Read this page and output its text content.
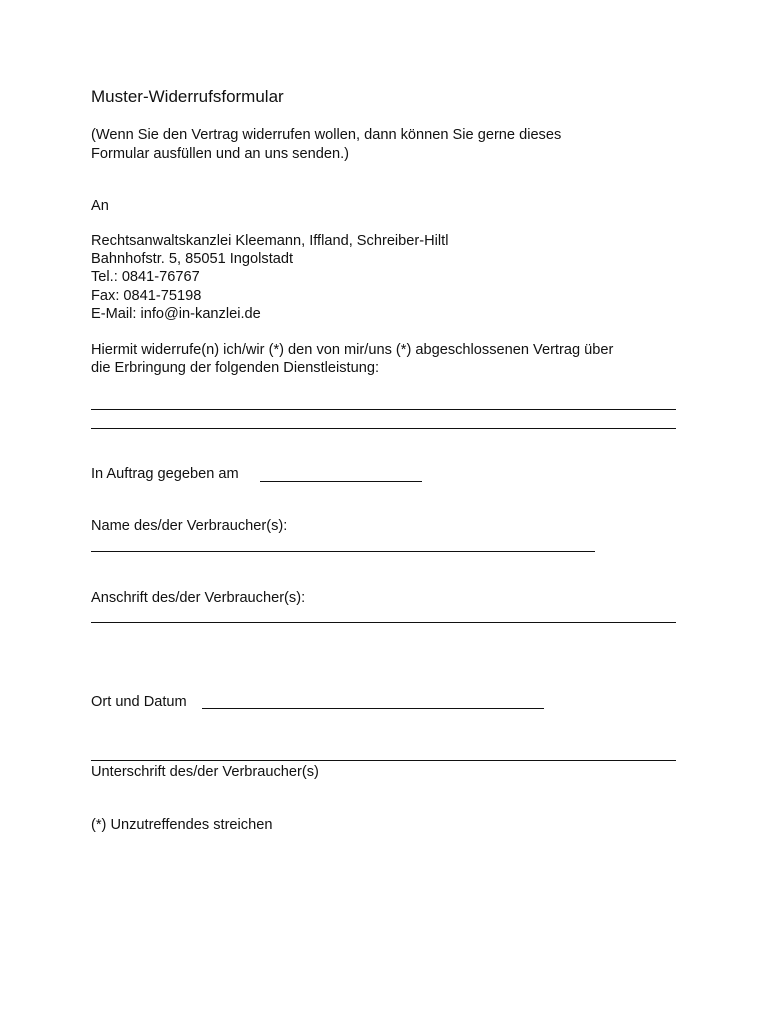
Muster-Widerrufsformular
(Wenn Sie den Vertrag widerrufen wollen, dann können Sie gerne dieses
Formular ausfüllen und an uns senden.)
An
Rechtsanwaltskanzlei Kleemann, Iffland, Schreiber-Hiltl
Bahnhofstr. 5, 85051 Ingolstadt
Tel.: 0841-76767
Fax: 0841-75198
E-Mail: info@in-kanzlei.de
Hiermit widerrufe(n) ich/wir (*) den von mir/uns (*) abgeschlossenen Vertrag über
die Erbringung der folgenden Dienstleistung:
In Auftrag gegeben am
Name des/der Verbraucher(s):
Anschrift des/der Verbraucher(s):
Ort und Datum
Unterschrift des/der Verbraucher(s)
(*) Unzutreffendes streichen
